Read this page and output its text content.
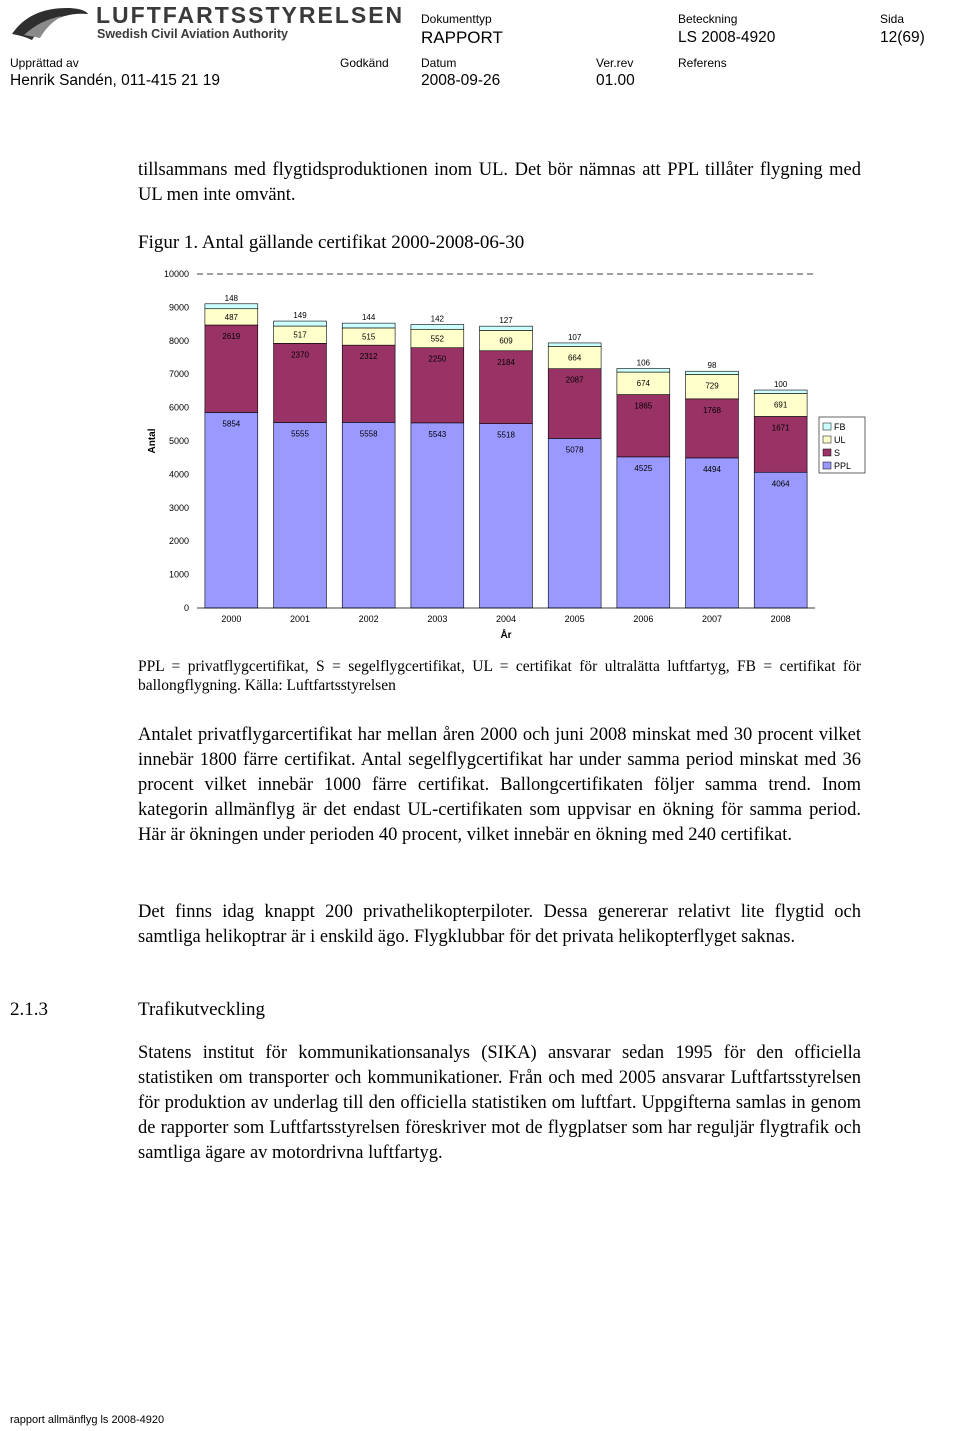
LUFTFARTSSTYRELSEN
Swedish Civil Aviation Authority
Dokumenttyp
RAPPORT
Beteckning
LS 2008-4920
Sida
12(69)
Upprättad av
Henrik Sandén, 011-415 21 19
Godkänd	Datum
2008-09-26
Ver.rev
01.00
Referens
tillsammans med flygtidsproduktionen inom UL. Det bör nämnas att PPL tillåter flygning med UL men inte omvänt.
Figur 1. Antal gällande certifikat 2000-2008-06-30
0
1000
2000
3000
4000
5000
6000
7000
8000
9000
10000
Antal
5854
2619
487
148
2000
5555
2370
517
149
2001
5558
2312
515
144
2002
5543
2250
552
142
2003
5518
2184
609
127
2004
5078
2087
664
107
2005
4525
1865
674
106
2006
4494
1768
729
98
2007
4064
1671
691
100
2008
År
FB
UL
S
PPL
PPL = privatflygcertifikat, S = segelflygcertifikat, UL = certifikat för ultralätta luftfartyg, FB = certifikat för ballongflygning. Källa: Luftfartsstyrelsen
Antalet privatflygarcertifikat har mellan åren 2000 och juni 2008 minskat med 30 procent vilket innebär 1800 färre certifikat. Antal segelflygcertifikat har under samma period minskat med 36 procent vilket innebär 1000 färre certifikat. Ballongcertifikaten följer samma trend. Inom kategorin allmänflyg är det endast UL-certifikaten som uppvisar en ökning för samma period. Här är ökningen under perioden 40 procent, vilket innebär en ökning med 240 certifikat.
Det finns idag knappt 200 privathelikopterpiloter. Dessa genererar relativt lite flygtid och samtliga helikoptrar är i enskild ägo. Flygklubbar för det privata helikopterflyget saknas.
2.1.3	Trafikutveckling
Statens institut för kommunikationsanalys (SIKA) ansvarar sedan 1995 för den officiella statistiken om transporter och kommunikationer. Från och med 2005 ansvarar Luftfartsstyrelsen för produktion av underlag till den officiella statistiken om luftfart. Uppgifterna samlas in genom de rapporter som Luftfartsstyrelsen föreskriver mot de flygplatser som har reguljär flygtrafik och samtliga ägare av motordrivna luftfartyg.
rapport allmänflyg ls 2008-4920
